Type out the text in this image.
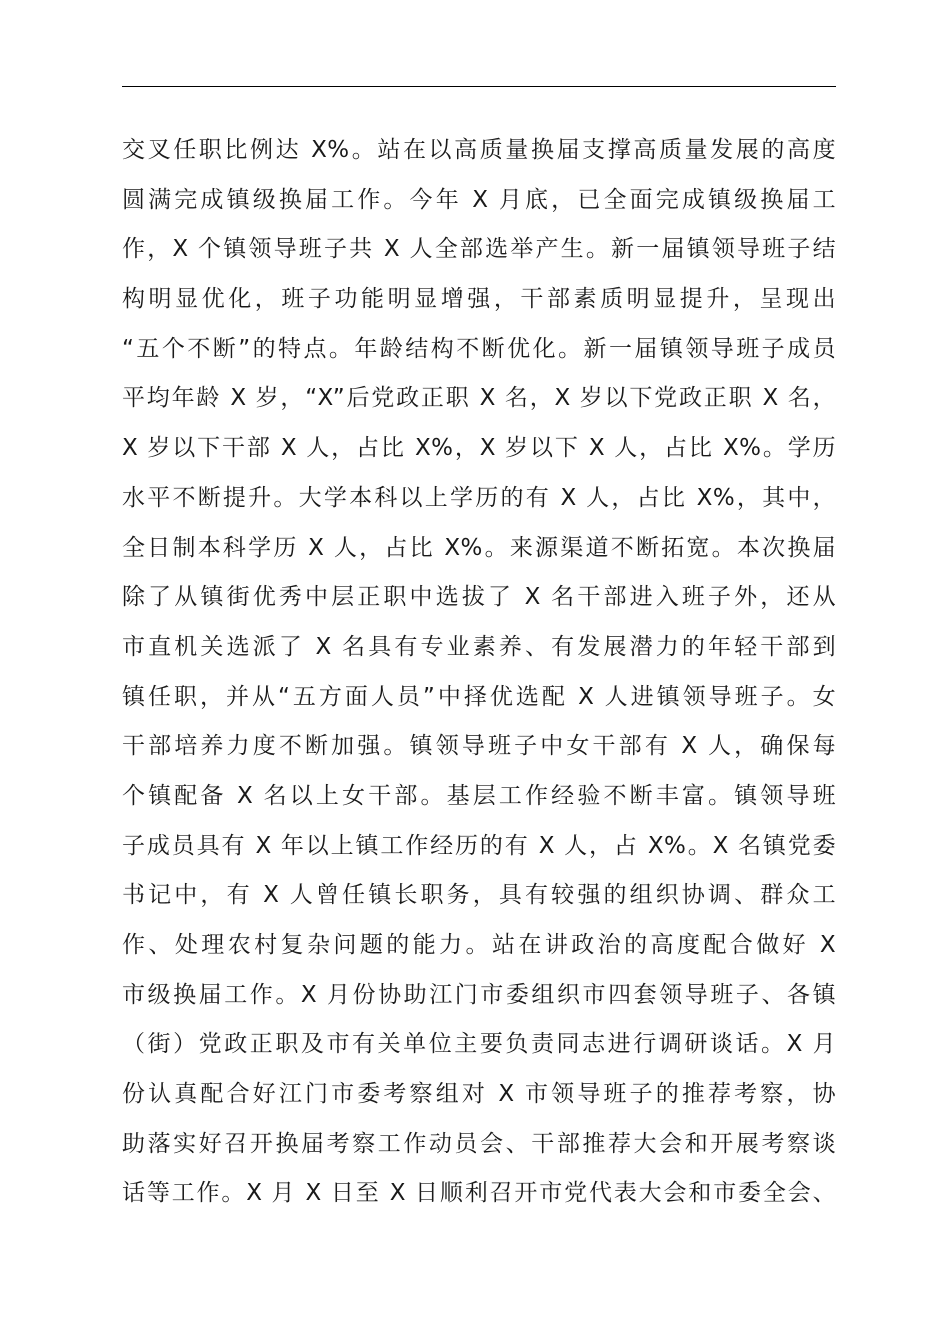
交叉任职比例达 X%。站在以高质量换届支撑高质量发展的高度
圆满完成镇级换届工作。今年 X 月底，已全面完成镇级换届工
作，X 个镇领导班子共 X 人全部选举产生。新一届镇领导班子结
构明显优化，班子功能明显增强，干部素质明显提升，呈现出
“五个不断”的特点。年龄结构不断优化。新一届镇领导班子成员
平均年龄 X 岁，“X”后党政正职 X 名，X 岁以下党政正职 X 名，
X 岁以下干部 X 人，占比 X%，X 岁以下 X 人，占比 X%。学历
水平不断提升。大学本科以上学历的有 X 人，占比 X%，其中，
全日制本科学历 X 人，占比 X%。来源渠道不断拓宽。本次换届
除了从镇街优秀中层正职中选拔了 X 名干部进入班子外，还从
市直机关选派了 X 名具有专业素养、有发展潜力的年轻干部到
镇任职，并从“五方面人员”中择优选配 X 人进镇领导班子。女
干部培养力度不断加强。镇领导班子中女干部有 X 人，确保每
个镇配备 X 名以上女干部。基层工作经验不断丰富。镇领导班
子成员具有 X 年以上镇工作经历的有 X 人，占 X%。X 名镇党委
书记中，有 X 人曾任镇长职务，具有较强的组织协调、群众工
作、处理农村复杂问题的能力。站在讲政治的高度配合做好 X
市级换届工作。X 月份协助江门市委组织市四套领导班子、各镇
（街）党政正职及市有关单位主要负责同志进行调研谈话。X 月
份认真配合好江门市委考察组对 X 市领导班子的推荐考察，协
助落实好召开换届考察工作动员会、干部推荐大会和开展考察谈
话等工作。X 月 X 日至 X 日顺利召开市党代表大会和市委全会、
